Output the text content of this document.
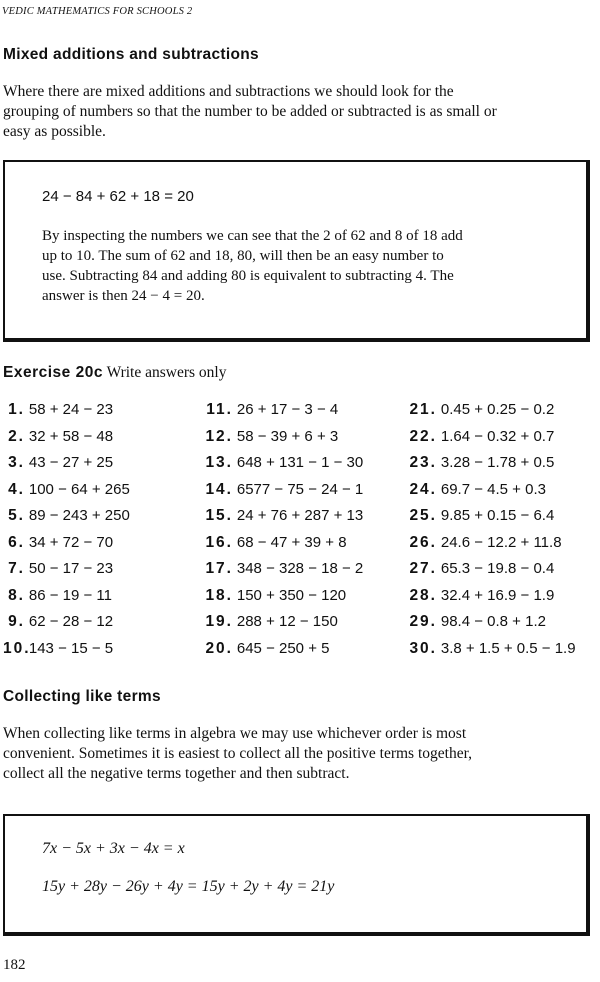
VEDIC MATHEMATICS FOR SCHOOLS 2
Mixed additions and subtractions
Where there are mixed additions and subtractions we should look for the
grouping of numbers so that the number to be added or subtracted is as small or
easy as possible.
24 − 84 + 62 + 18 = 20
By inspecting the numbers we can see that the 2 of 62 and 8 of 18 add
up to 10. The sum of 62 and 18, 80, will then be an easy number to
use. Subtracting 84 and adding 80 is equivalent to subtracting 4. The
answer is then 24 − 4 = 20.
Exercise 20c Write answers only
1. 58 + 24 − 23
2. 32 + 58 − 48
3. 43 − 27 + 25
4. 100 − 64 + 265
5. 89 − 243 + 250
6. 34 + 72 − 70
7. 50 − 17 − 23
8. 86 − 19 − 11
9. 62 − 28 − 12
10. 143 − 15 − 5
11. 26 + 17 − 3 − 4
12. 58 − 39 + 6 + 3
13. 648 + 131 − 1 − 30
14. 6577 − 75 − 24 − 1
15. 24 + 76 + 287 + 13
16. 68 − 47 + 39 + 8
17. 348 − 328 − 18 − 2
18. 150 + 350 − 120
19. 288 + 12 − 150
20. 645 − 250 + 5
21. 0.45 + 0.25 − 0.2
22. 1.64 − 0.32 + 0.7
23. 3.28 − 1.78 + 0.5
24. 69.7 − 4.5 + 0.3
25. 9.85 + 0.15 − 6.4
26. 24.6 − 12.2 + 11.8
27. 65.3 − 19.8 − 0.4
28. 32.4 + 16.9 − 1.9
29. 98.4 − 0.8 + 1.2
30. 3.8 + 1.5 + 0.5 − 1.9
Collecting like terms
When collecting like terms in algebra we may use whichever order is most
convenient. Sometimes it is easiest to collect all the positive terms together,
collect all the negative terms together and then subtract.
7x − 5x + 3x − 4x = x
15y + 28y − 26y + 4y = 15y + 2y + 4y = 21y
182
